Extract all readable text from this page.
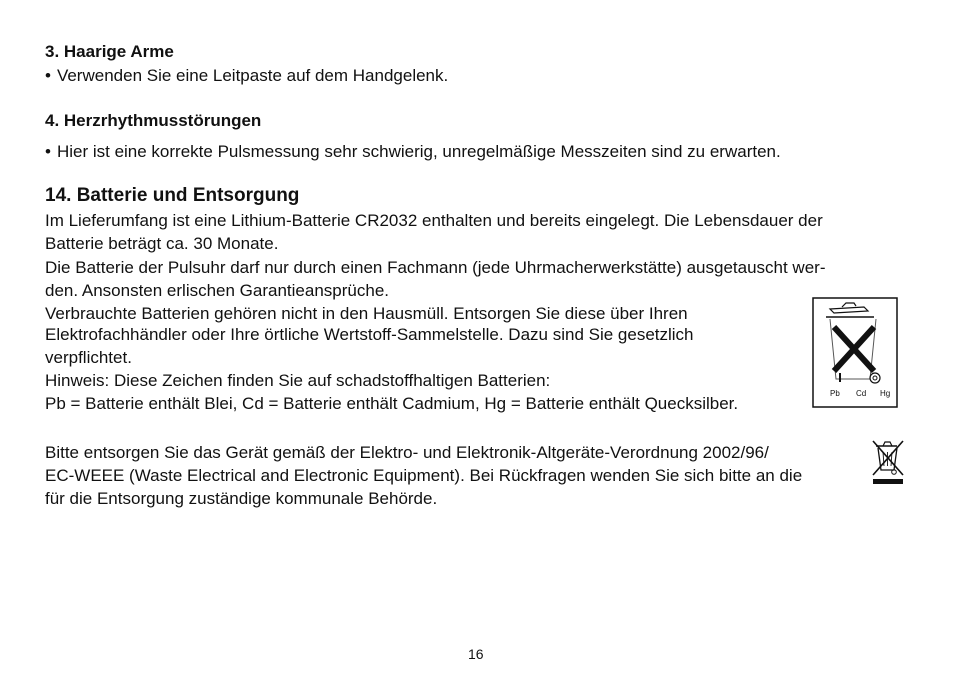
3. Haarige Arme
• Verwenden Sie eine Leitpaste auf dem Handgelenk.
4. Herzrhythmusstörungen
• Hier ist eine korrekte Pulsmessung sehr schwierig, unregelmäßige Messzeiten sind zu erwarten.
14. Batterie und Entsorgung
Im Lieferumfang ist eine Lithium-Batterie CR2032 enthalten und bereits eingelegt. Die Lebensdauer der
Batterie beträgt ca. 30 Monate.
Die Batterie der Pulsuhr darf nur durch einen Fachmann (jede Uhrmacherwerkstätte) ausgetauscht wer-
den. Ansonsten erlischen Garantieansprüche.
Verbrauchte Batterien gehören nicht in den Hausmüll. Entsorgen Sie diese über Ihren
Elektrofachhändler oder Ihre örtliche Wertstoff-Sammelstelle. Dazu sind Sie gesetzlich
verpflichtet.
Hinweis: Diese Zeichen finden Sie auf schadstoffhaltigen Batterien:
Pb = Batterie enthält Blei, Cd = Batterie enthält Cadmium, Hg = Batterie enthält Quecksilber.
Pb Cd Hg
Bitte entsorgen Sie das Gerät gemäß der Elektro- und Elektronik-Altgeräte-Verordnung 2002/96/
EC-WEEE (Waste Electrical and Electronic Equipment). Bei Rückfragen wenden Sie sich bitte an die
für die Entsorgung zuständige kommunale Behörde.
16
